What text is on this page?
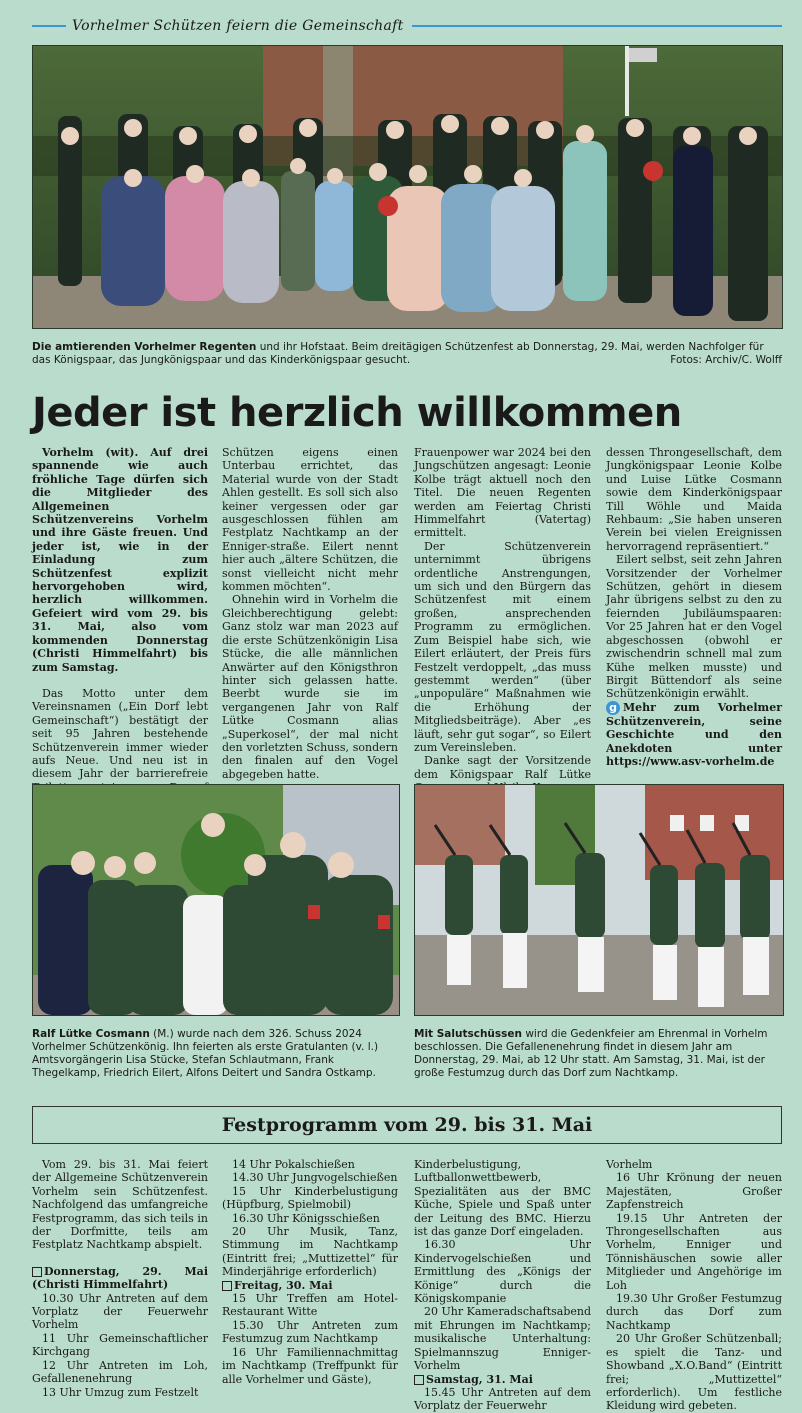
Vorhelmer Schützen feiern die Gemeinschaft
Die amtierenden Vorhelmer Regenten und ihr Hofstaat. Beim dreitägigen Schützenfest ab Donnerstag, 29. Mai, werden Nachfolger für das Königspaar, das Jungkönigspaar und das Kinderkönigspaar gesucht.	Fotos: Archiv/C. Wolff
Jeder ist herzlich willkommen

Vorhelm (wit). Auf drei spannende wie auch fröhliche Tage dürfen sich die Mitglieder des Allgemeinen Schützenvereins Vorhelm und ihre Gäste freuen. Und jeder ist, wie in der Einladung zum Schützenfest explizit hervorgehoben wird, herzlich willkommen. Gefeiert wird vom 29. bis 31. Mai, also vom kommenden Donnerstag (Christi Himmelfahrt) bis zum Samstag.

Das Motto unter dem Vereinsnamen („Ein Dorf lebt Gemeinschaft“) bestätigt der seit 95 Jahren bestehende Schützenverein immer wieder aufs Neue. Und neu ist in diesem Jahr der barrierefreie

Schützen eigens einen Unterbau errichtet, das Material wurde von der Stadt Ahlen gestellt. Es soll sich also keiner vergessen oder gar ausgeschlossen fühlen am Festplatz Nachtkamp an der Enniger-straße. Eilert nennt hier auch „ältere Schützen, die sonst vielleicht nicht mehr kommen möchten“.

Ohnehin wird in Vorhelm die Gleichberechtigung gelebt: Ganz stolz war man 2023 auf die erste Schützenkönigin Lisa Stücke, die alle männlichen Anwärter auf den Königsthron hinter sich gelassen hatte. Beerbt wurde sie im vergangenen Jahr von Ralf Lütke Cosmann alias „Superkosel“, der mal nicht den vorletzten Schuss, sondern den finalen auf den Vogel abgegeben hatte.

Frauenpower war 2024 bei den Jungschützen angesagt: Leonie Kolbe trägt aktuell noch den Titel. Die neuen Regenten werden am Feiertag Christi Himmelfahrt (Vatertag) ermittelt.

Der Schützenverein unternimmt übrigens ordentliche Anstrengungen, um sich und den Bürgern das Schützenfest mit einem großen, ansprechenden Programm zu ermöglichen. Zum Beispiel habe sich, wie Eilert erläutert, der Preis fürs Festzelt verdoppelt, „das muss gestemmt werden“ (über „unpopuläre“ Maßnahmen wie die Erhöhung der Mitgliedsbeiträge). Aber „es läuft, sehr gut sogar“, so Eilert zum Vereinsleben.

Danke sagt der Vorsitzende dem Königspaar Ralf Lütke

dessen Throngesellschaft, dem Jungkönigspaar Leonie Kolbe und Luise Lütke Cosmann sowie dem Kinderkönigspaar Till Wöhle und Maida Rehbaum: „Sie haben unseren Verein bei vielen Ereignissen hervorragend repräsentiert.“

Eilert selbst, seit zehn Jahren Vorsitzender der Vorhelmer Schützen, gehört in diesem Jahr übrigens selbst zu den zu feiernden Jubiläumspaaren: Vor 25 Jahren hat er den Vogel abgeschossen (obwohl er zwischendrin schnell mal zum Kühe melken musste) und Birgit Büttendorf als seine Schützenkönigin erwählt.

g Mehr zum Vorhelmer Schützenverein, seine Geschichte und den Anekdoten unter https://www.asv-vorhelm.de

Ralf Lütke Cosmann (M.) wurde nach dem 326. Schuss 2024 Vorhelmer Schützenkönig. Ihn feierten als erste Gratulanten (v. l.) Amtsvorgängerin Lisa Stücke, Stefan Schlautmann, Frank Thegelkamp, Friedrich Eilert, Alfons Deitert und Sandra Ostkamp.
Mit Salutschüssen wird die Gedenkfeier am Ehrenmal in Vorhelm beschlossen. Die Gefallenenehrung findet in diesem Jahr am Donnerstag, 29. Mai, ab 12 Uhr statt. Am Samstag, 31. Mai, ist der große Festumzug durch das Dorf zum Nachtkamp.
Festprogramm vom 29. bis 31. Mai

Vom 29. bis 31. Mai feiert der Allgemeine Schützenverein Vorhelm sein Schützenfest. Nachfolgend das umfangreiche Festprogramm, das sich teils in der Dorfmitte, teils am Festplatz Nachtkamp abspielt.

Donnerstag, 29. Mai (Christi Himmelfahrt)

10.30 Uhr Antreten auf dem Vorplatz der Feuerwehr Vorhelm

11 Uhr Gemeinschaftlicher Kirchgang

12 Uhr Antreten im Loh, Gefallenenehrung

13 Uhr Umzug zum Festzelt

14 Uhr Pokalschießen

14.30 Uhr Jungvogelschießen

15 Uhr Kinderbelustigung (Hüpfburg, Spielmobil)

16.30 Uhr Königsschießen

20 Uhr Musik, Tanz, Stimmung im Nachtkamp (Eintritt frei; „Muttizettel“ für Minderjährige erforderlich)

Freitag, 30. Mai

15 Uhr Treffen am Hotel-Restaurant Witte

15.30 Uhr Antreten zum Festumzug zum Nachtkamp

16 Uhr Familiennachmittag im Nachtkamp (Treffpunkt für alle Vorhelmer und Gäste),

Kinderbelustigung, Luftballonwettbewerb, Spezialitäten aus der BMC Küche, Spiele und Spaß unter der Leitung des BMC. Hierzu ist das ganze Dorf eingeladen.

16.30 Uhr Kindervogelschießen und Ermittlung des „Königs der Könige“ durch die Königskompanie

20 Uhr Kameradschaftsabend mit Ehrungen im Nachtkamp; musikalische Unterhaltung: Spielmannszug Enniger-Vorhelm

Samstag, 31. Mai

15.45 Uhr Antreten auf dem Vorplatz der Feuerwehr

Vorhelm

16 Uhr Krönung der neuen Majestäten, Großer Zapfenstreich

19.15 Uhr Antreten der Throngesellschaften aus Vorhelm, Enniger und Tönnishäuschen sowie aller Mitglieder und Angehörige im Loh

19.30 Uhr Großer Festumzug durch das Dorf zum Nachtkamp

20 Uhr Großer Schützenball; es spielt die Tanz- und Showband „X.O.Band“ (Eintritt frei; „Muttizettel“ erforderlich). Um festliche Kleidung wird gebeten.
